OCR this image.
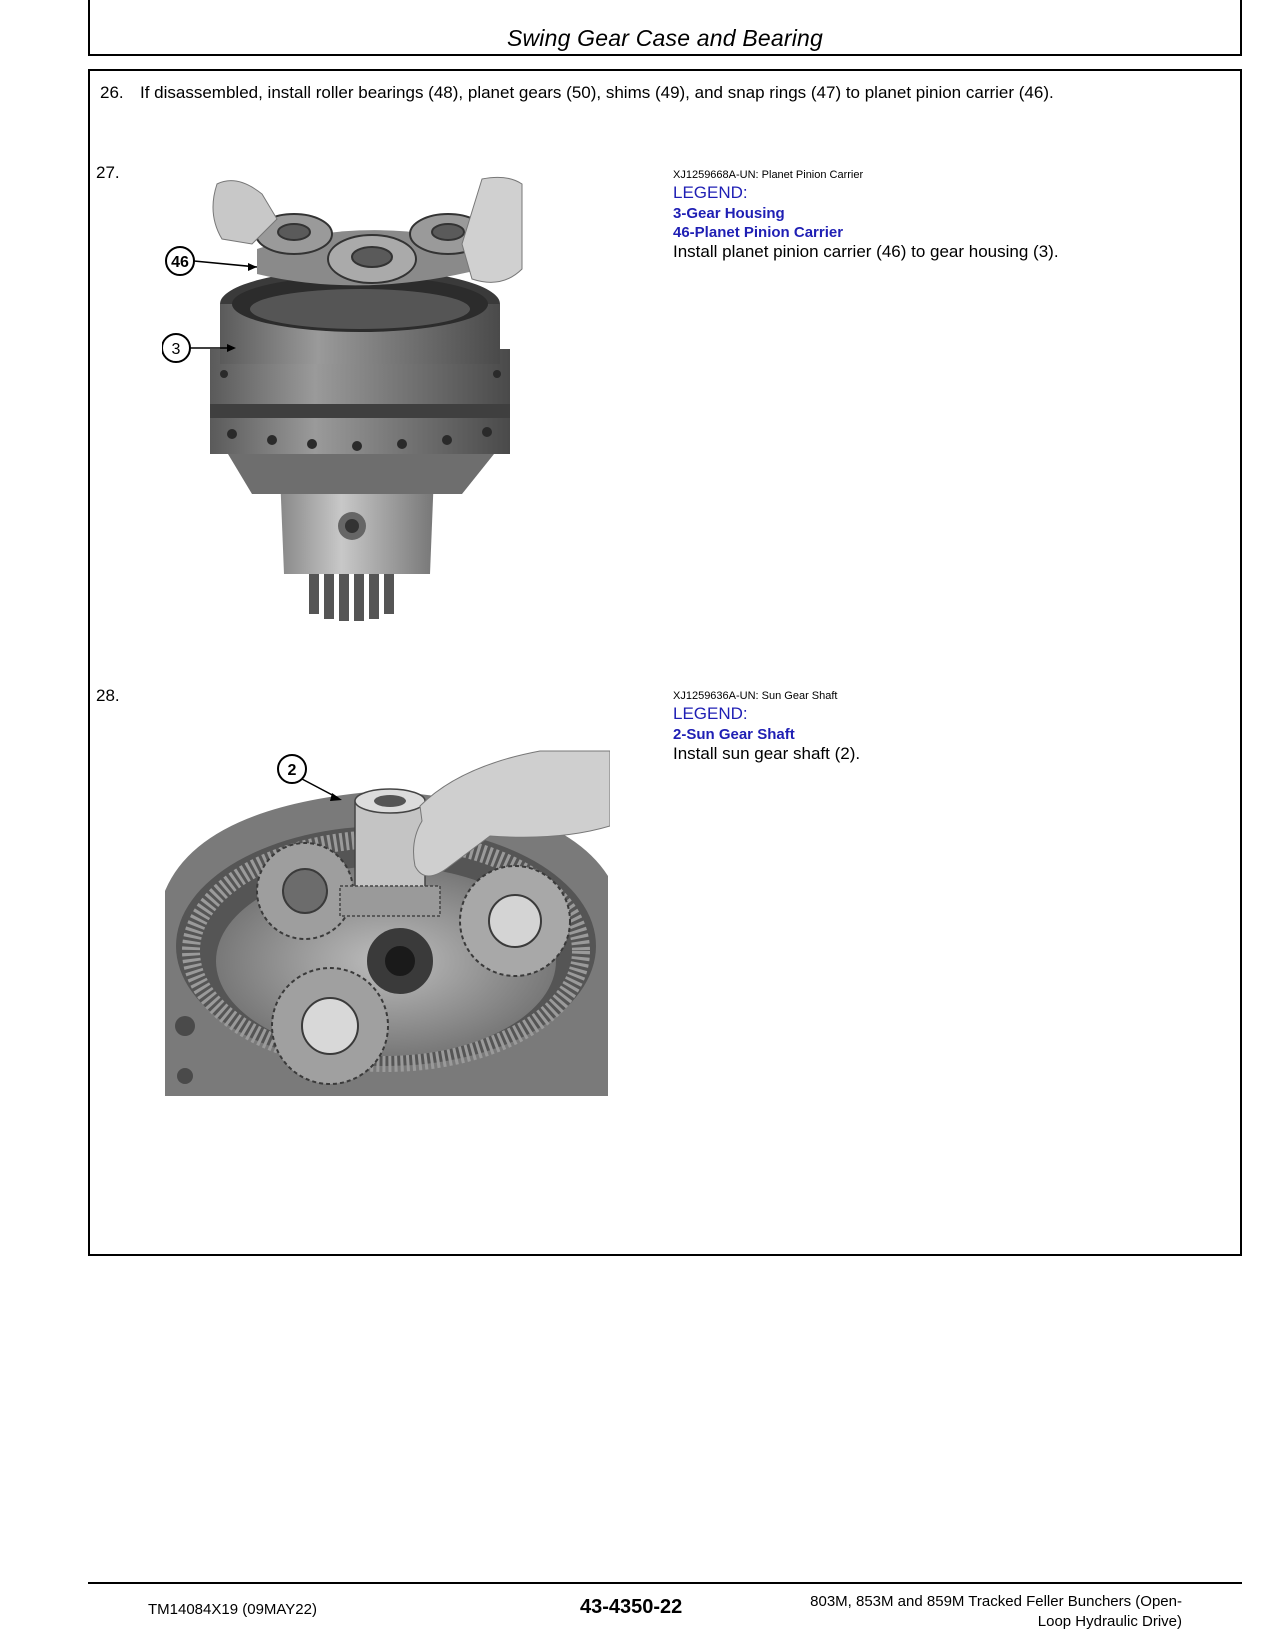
Swing Gear Case and Bearing
26. If disassembled, install roller bearings (48), planet gears (50), shims (49), and snap rings (47) to planet pinion carrier (46).
27.
46
3
XJ1259668A-UN: Planet Pinion Carrier
LEGEND:
3-Gear Housing
46-Planet Pinion Carrier
Install planet pinion carrier (46) to gear housing (3).
28.
2
XJ1259636A-UN: Sun Gear Shaft
LEGEND:
2-Sun Gear Shaft
Install sun gear shaft (2).
TM14084X19 (09MAY22)	43-4350-22	803M, 853M and 859M Tracked Feller Bunchers (Open-
Loop Hydraulic Drive)
